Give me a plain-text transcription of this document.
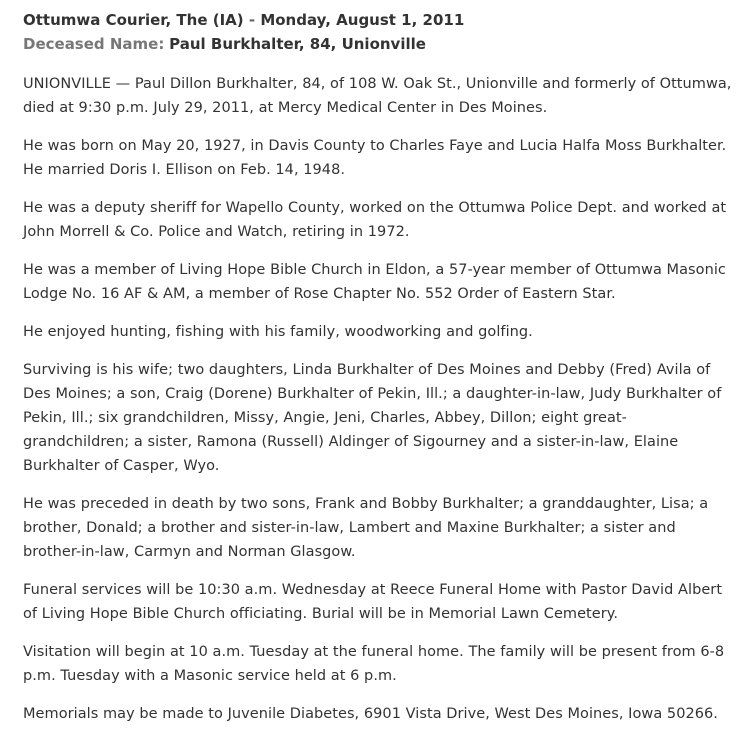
Ottumwa Courier, The (IA) - Monday, August 1, 2011

Deceased Name: Paul Burkhalter, 84, Unionville

UNIONVILLE — Paul Dillon Burkhalter, 84, of 108 W. Oak St., Unionville and formerly of Ottumwa, died at 9:30 p.m. July 29, 2011, at Mercy Medical Center in Des Moines.

He was born on May 20, 1927, in Davis County to Charles Faye and Lucia Halfa Moss Burkhalter. He married Doris I. Ellison on Feb. 14, 1948.

He was a deputy sheriff for Wapello County, worked on the Ottumwa Police Dept. and worked at John Morrell & Co. Police and Watch, retiring in 1972.

He was a member of Living Hope Bible Church in Eldon, a 57-year member of Ottumwa Masonic Lodge No. 16 AF & AM, a member of Rose Chapter No. 552 Order of Eastern Star.

He enjoyed hunting, fishing with his family, woodworking and golfing.

Surviving is his wife; two daughters, Linda Burkhalter of Des Moines and Debby (Fred) Avila of Des Moines; a son, Craig (Dorene) Burkhalter of Pekin, Ill.; a daughter-in-law, Judy Burkhalter of Pekin, Ill.; six grandchildren, Missy, Angie, Jeni, Charles, Abbey, Dillon; eight great-grandchildren; a sister, Ramona (Russell) Aldinger of Sigourney and a sister-in-law, Elaine Burkhalter of Casper, Wyo.

He was preceded in death by two sons, Frank and Bobby Burkhalter; a granddaughter, Lisa; a brother, Donald; a brother and sister-in-law, Lambert and Maxine Burkhalter; a sister and brother-in-law, Carmyn and Norman Glasgow.

Funeral services will be 10:30 a.m. Wednesday at Reece Funeral Home with Pastor David Albert of Living Hope Bible Church officiating. Burial will be in Memorial Lawn Cemetery.

Visitation will begin at 10 a.m. Tuesday at the funeral home. The family will be present from 6-8 p.m. Tuesday with a Masonic service held at 6 p.m.

Memorials may be made to Juvenile Diabetes, 6901 Vista Drive, West Des Moines, Iowa 50266.
